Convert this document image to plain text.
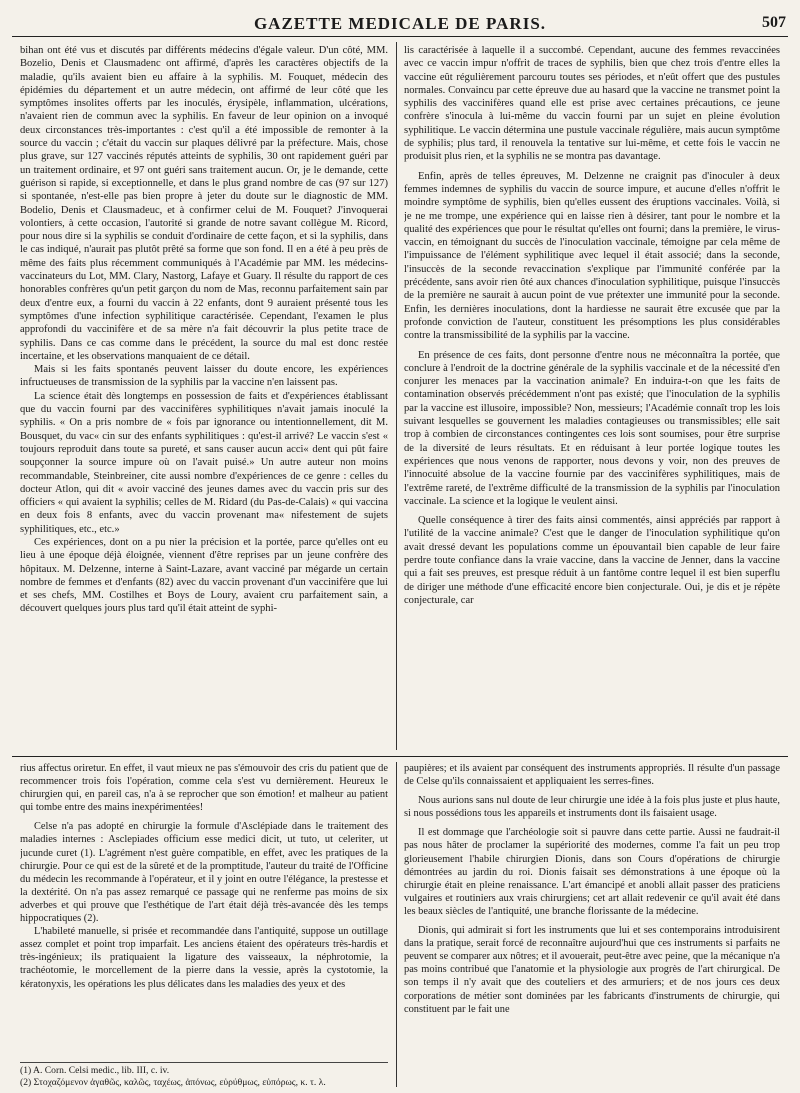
GAZETTE MEDICALE DE PARIS.	507

bihan ont été vus et discutés par différents médecins d'égale valeur. D'un côté, MM. Bozelio, Denis et Clausmadenc ont affirmé, d'après les caractères objectifs de la maladie, qu'ils avaient bien eu affaire à la syphilis. M. Fouquet, médecin des épidémies du département et un autre médecin, ont affirmé de leur côté que les symptômes insolites offerts par les inoculés, érysipèle, inflammation, ulcérations, n'avaient rien de commun avec la syphilis. En faveur de leur opinion on a invoqué deux circonstances très-importantes : c'est qu'il a été impossible de remonter à la source du vaccin ; c'était du vaccin sur plaques délivré par la préfecture. Mais, chose plus grave, sur 127 vaccinés réputés atteints de syphilis, 30 ont rapidement guéri par un traitement ordinaire, et 97 ont guéri sans traitement aucun. Or, je le demande, cette guérison si rapide, si exceptionnelle, et dans le plus grand nombre de cas (97 sur 127) si spontanée, n'est-elle pas bien propre à jeter du doute sur le diagnostic de MM. Bodelio, Denis et Clausmadeuc, et à confirmer celui de M. Fouquet? J'invoquerai volontiers, à cette occasion, l'autorité si grande de notre savant collègue M. Ricord, pour nous dire si la syphilis se conduit d'ordinaire de cette façon, et si la syphilis, dans le cas indiqué, n'aurait pas plutôt prêté sa forme que son fond. Il en a été à peu près de même des faits plus récemment communiqués à l'Académie par MM. les médecins-vaccinateurs du Lot, MM. Clary, Nastorg, Lafaye et Guary. Il résulte du rapport de ces honorables confrères qu'un petit garçon du nom de Mas, reconnu parfaitement sain par deux d'entre eux, a fourni du vaccin à 22 enfants, dont 9 auraient présenté tous les symptômes d'une infection syphilitique caractérisée. Cependant, l'examen le plus approfondi du vaccinifère et de sa mère n'a fait découvrir la plus petite trace de syphilis. Dans ce cas comme dans le précédent, la source du mal est donc restée incertaine, et les observations manquaient de ce détail.

Mais si les faits spontanés peuvent laisser du doute encore, les expériences infructueuses de transmission de la syphilis par la vaccine n'en laissent pas.

La science était dès longtemps en possession de faits et d'expériences établissant que du vaccin fourni par des vaccinifères syphilitiques n'avait jamais inoculé la syphilis. « On a pris nombre de « fois par ignorance ou intentionnellement, dit M. Bousquet, du vac« cin sur des enfants syphilitiques : qu'est-il arrivé? Le vaccin s'est « toujours reproduit dans toute sa pureté, et sans causer aucun acci« dent qui pût faire soupçonner la source impure où on l'avait puisé.» Un autre auteur non moins recommandable, Steinbreiner, cite aussi nombre d'expériences de ce genre : celles du docteur Atlon, qui dit « avoir vacciné des jeunes dames avec du vaccin pris sur des officiers « qui avaient la syphilis; celles de M. Ridard (du Pas-de-Calais) « qui vaccina en deux fois 8 enfants, avec du vaccin provenant ma« nifestement de sujets syphilitiques, etc., etc.»

Ces expériences, dont on a pu nier la précision et la portée, parce qu'elles ont eu lieu à une époque déjà éloignée, viennent d'être reprises par un jeune confrère des hôpitaux. M. Delzenne, interne à Saint-Lazare, avant vacciné par mégarde un certain nombre de femmes et d'enfants (82) avec du vaccin provenant d'un vaccinifère que lui et ses chefs, MM. Costilhes et Boys de Loury, avaient cru parfaitement sain, a découvert quelques jours plus tard qu'il était atteint de syphi-

lis caractérisée à laquelle il a succombé. Cependant, aucune des femmes revaccinées avec ce vaccin impur n'offrit de traces de syphilis, bien que chez trois d'entre elles la vaccine eût régulièrement parcouru toutes ses périodes, et n'eût offert que des pustules normales. Convaincu par cette épreuve due au hasard que la vaccine ne transmet point la syphilis des vaccinifères quand elle est prise avec certaines précautions, ce jeune confrère s'inocula à lui-même du vaccin fourni par un sujet en pleine évolution syphilitique. Le vaccin détermina une pustule vaccinale régulière, mais aucun symptôme de syphilis; plus tard, il renouvela la tentative sur lui-même, et cette fois le vaccin ne produisit plus rien, et la syphilis ne se montra pas davantage.

Enfin, après de telles épreuves, M. Delzenne ne craignit pas d'inoculer à deux femmes indemnes de syphilis du vaccin de source impure, et aucune d'elles n'offrit le moindre symptôme de syphilis, bien qu'elles eussent des éruptions vaccinales. Voilà, si je ne me trompe, une expérience qui en laisse rien à désirer, tant pour le nombre et la qualité des expériences que pour le résultat qu'elles ont fourni; dans la première, le virus-vaccin, en témoignant du succès de l'inoculation vaccinale, témoigne par cela même de l'impuissance de l'élément syphilitique avec lequel il était associé; dans la seconde, l'insuccès de la seconde revaccination s'explique par l'immunité conférée par la précédente, sans avoir rien ôté aux chances d'inoculation syphilitique, puisque l'insuccès de la première ne saurait à aucun point de vue prétexter une immunité pour la seconde. Enfin, les dernières inoculations, dont la hardiesse ne saurait être excusée que par la profonde conviction de l'auteur, constituent les présomptions les plus considérables contre la transmissibilité de la syphilis par la vaccine.

En présence de ces faits, dont personne d'entre nous ne méconnaîtra la portée, que conclure à l'endroit de la doctrine générale de la syphilis vaccinale et de la nécessité d'en conjurer les menaces par la vaccination animale? En induira-t-on que les faits de contamination observés précédemment n'ont pas existé; que l'inoculation de la syphilis par la vaccine est illusoire, impossible? Non, messieurs; l'Académie connaît trop les lois suivant lesquelles se gouvernent les maladies contagieuses ou transmissibles; elle sait trop à combien de circonstances contingentes ces lois sont soumises, pour être surprise de la diversité de leurs résultats. Et en réduisant à leur portée logique toutes les expériences que nous venons de rapporter, nous devons y voir, non des preuves de l'innocuité absolue de la vaccine fournie par des vaccinifères syphilitiques, mais de l'extrême rareté, de l'extrême difficulté de la transmission de la syphilis par l'inoculation vaccinale. La science et la logique le veulent ainsi.

Quelle conséquence à tirer des faits ainsi commentés, ainsi appréciés par rapport à l'utilité de la vaccine animale? C'est que le danger de l'inoculation syphilitique qu'on avait dressé devant les populations comme un épouvantail bien capable de leur faire perdre toute confiance dans la vraie vaccine, dans la vaccine de Jenner, dans la vaccine qui a fait ses preuves, est presque réduit à un fantôme contre lequel il est bien superflu de diriger une méthode d'une efficacité encore bien conjecturale. Oui, je dis et je répète conjecturale, car

rius affectus oriretur. En effet, il vaut mieux ne pas s'émouvoir des cris du patient que de recommencer trois fois l'opération, comme cela s'est vu dernièrement. Heureux le chirurgien qui, en pareil cas, n'a à se reprocher que son émotion! et malheur au patient qui tombe entre des mains inexpérimentées!

Celse n'a pas adopté en chirurgie la formule d'Asclépiade dans le traitement des maladies internes : Asclepiades officium esse medici dicit, ut tuto, ut celeriter, ut jucunde curet (1). L'agrément n'est guère compatible, en effet, avec les pratiques de la chirurgie. Pour ce qui est de la sûreté et de la promptitude, l'auteur du traité de l'Officine du médecin les recommande à l'opérateur, et il y joint en outre l'élégance, la prestesse et la dextérité. On n'a pas assez remarqué ce passage qui ne renferme pas moins de six adverbes et qui prouve que l'esthétique de l'art était déjà très-avancée dès les temps hippocratiques (2).

L'habileté manuelle, si prisée et recommandée dans l'antiquité, suppose un outillage assez complet et point trop imparfait. Les anciens étaient des opérateurs très-hardis et très-ingénieux; ils pratiquaient la ligature des vaisseaux, la néphrotomie, la trachéotomie, le morcellement de la pierre dans la vessie, après la cystotomie, la kératonyxis, les opérations les plus délicates dans les maladies des yeux et des

(1) A. Corn. Celsi medic., lib. III, c. iv.
(2) Στοχαζόμενον ἀγαθῶς, καλῶς, ταχέως, ἀπόνως, εὐρύθμως, εὐπόρως, κ. τ. λ.

paupières; et ils avaient par conséquent des instruments appropriés. Il résulte d'un passage de Celse qu'ils connaissaient et appliquaient les serres-fines.

Nous aurions sans nul doute de leur chirurgie une idée à la fois plus juste et plus haute, si nous possédions tous les appareils et instruments dont ils faisaient usage.

Il est dommage que l'archéologie soit si pauvre dans cette partie. Aussi ne faudrait-il pas nous hâter de proclamer la supériorité des modernes, comme l'a fait un peu trop glorieusement l'habile chirurgien Dionis, dans son Cours d'opérations de chirurgie démontrées au jardin du roi. Dionis faisait ses démonstrations à une époque où la chirurgie était en pleine renaissance. L'art émancipé et anobli allait passer des praticiens vulgaires et routiniers aux vrais chirurgiens; cet art allait redevenir ce qu'il avait été dans les beaux siècles de l'antiquité, une branche florissante de la médecine.

Dionis, qui admirait si fort les instruments que lui et ses contemporains introduisirent dans la pratique, serait forcé de reconnaître aujourd'hui que ces instruments si parfaits ne peuvent se comparer aux nôtres; et il avouerait, peut-être avec peine, que la mécanique n'a pas moins contribué que l'anatomie et la physiologie aux progrès de l'art chirurgical. De son temps il n'y avait que des couteliers et des armuriers; et de nos jours ces deux corporations de métier sont dominées par les fabricants d'instruments de chirurgie, qui constituent par le fait une
